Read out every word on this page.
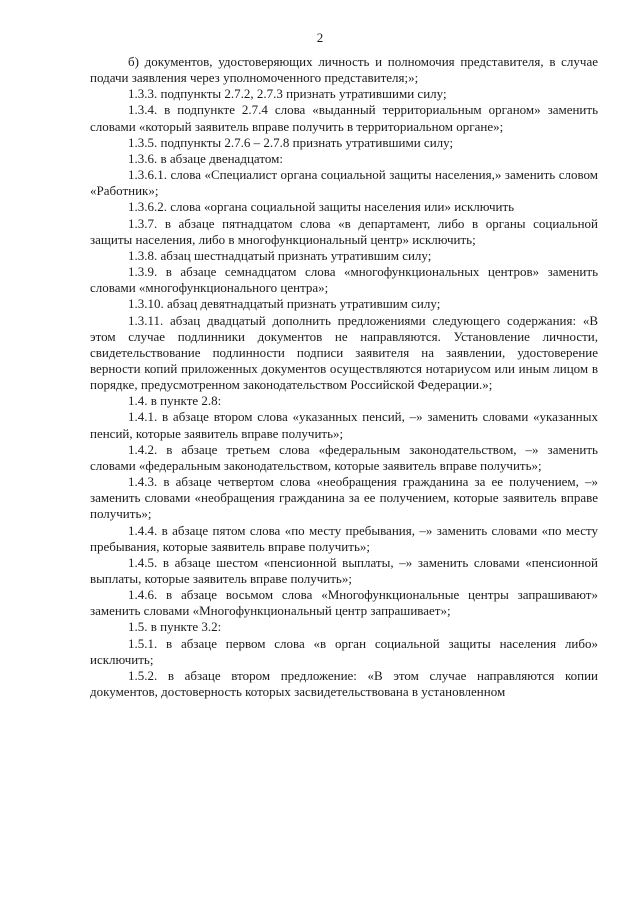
2

б) документов, удостоверяющих личность и полномочия представителя, в случае подачи заявления через уполномоченного представителя;»;

1.3.3. подпункты 2.7.2, 2.7.3 признать утратившими силу;

1.3.4. в подпункте 2.7.4 слова «выданный территориальным органом» заменить словами «который заявитель вправе получить в территориальном органе»;

1.3.5. подпункты 2.7.6 – 2.7.8 признать утратившими силу;

1.3.6. в абзаце двенадцатом:

1.3.6.1. слова «Специалист органа социальной защиты населения,» заменить словом «Работник»;

1.3.6.2. слова «органа социальной защиты населения или» исключить

1.3.7. в абзаце пятнадцатом слова «в департамент, либо в органы социальной защиты населения, либо в многофункциональный центр» исключить;

1.3.8. абзац шестнадцатый признать утратившим силу;

1.3.9. в абзаце семнадцатом слова «многофункциональных центров» заменить словами «многофункционального центра»;

1.3.10. абзац девятнадцатый признать утратившим силу;

1.3.11. абзац двадцатый дополнить предложениями следующего содержания: «В этом случае подлинники документов не направляются. Установление личности, свидетельствование подлинности подписи заявителя на заявлении, удостоверение верности копий приложенных документов осуществляются нотариусом или иным лицом в порядке, предусмотренном законодательством Российской Федерации.»;

1.4. в пункте 2.8:

1.4.1. в абзаце втором слова «указанных пенсий, –» заменить словами «указанных пенсий, которые заявитель вправе получить»;

1.4.2. в абзаце третьем слова «федеральным законодательством, –» заменить словами «федеральным законодательством, которые заявитель вправе получить»;

1.4.3. в абзаце четвертом слова «необращения гражданина за ее получением, –» заменить словами «необращения гражданина за ее получением, которые заявитель вправе получить»;

1.4.4. в абзаце пятом слова «по месту пребывания, –» заменить словами «по месту пребывания, которые заявитель вправе получить»;

1.4.5. в абзаце шестом «пенсионной выплаты, –» заменить словами «пенсионной выплаты, которые заявитель вправе получить»;

1.4.6. в абзаце восьмом слова «Многофункциональные центры запрашивают» заменить словами «Многофункциональный центр запрашивает»;

1.5. в пункте 3.2:

1.5.1. в абзаце первом слова «в орган социальной защиты населения либо» исключить;

1.5.2. в абзаце втором предложение: «В этом случае направляются копии документов, достоверность которых засвидетельствована в установленном
